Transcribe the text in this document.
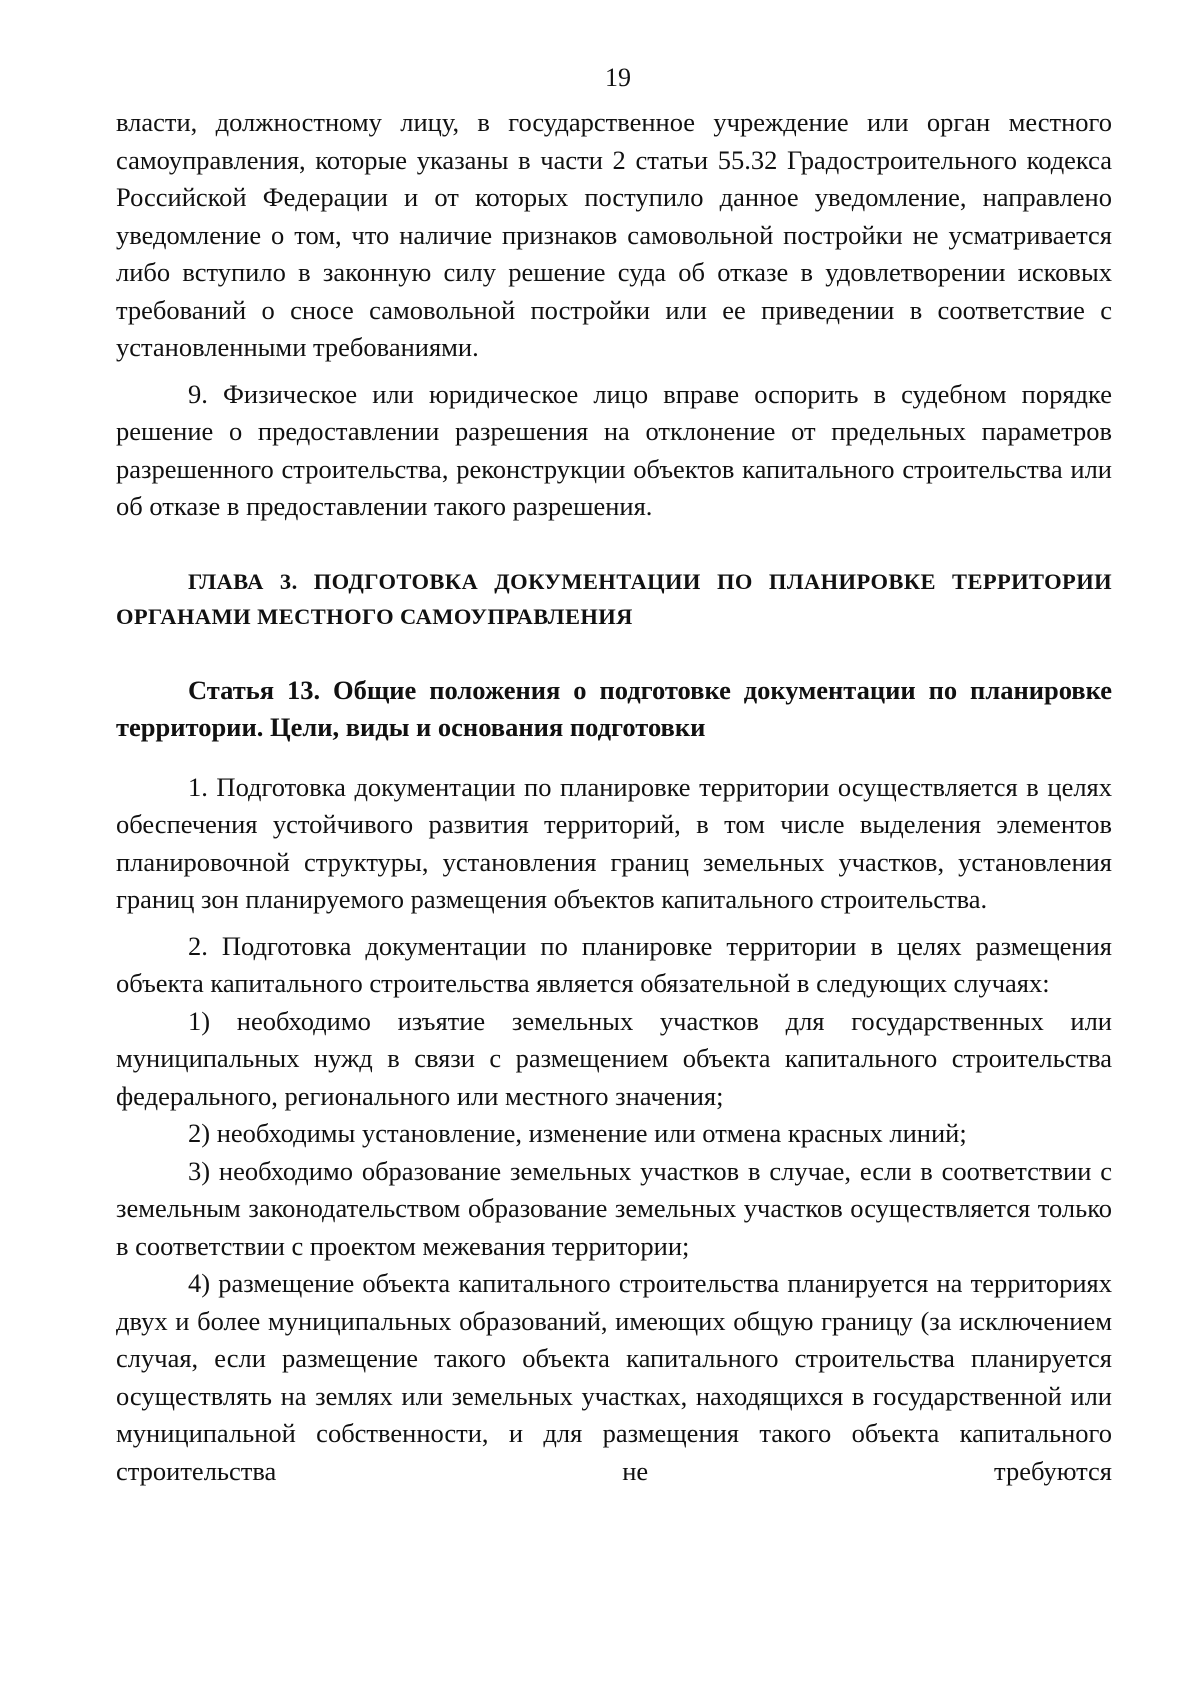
19

власти, должностному лицу, в государственное учреждение или орган местного самоуправления, которые указаны в части 2 статьи 55.32 Градостроительного кодекса Российской Федерации и от которых поступило данное уведомление, направлено уведомление о том, что наличие признаков самовольной постройки не усматривается либо вступило в законную силу решение суда об отказе в удовлетворении исковых требований о сносе самовольной постройки или ее приведении в соответствие с установленными требованиями.

9. Физическое или юридическое лицо вправе оспорить в судебном порядке решение о предоставлении разрешения на отклонение от предельных параметров разрешенного строительства, реконструкции объектов капитального строительства или об отказе в предоставлении такого разрешения.

ГЛАВА 3. ПОДГОТОВКА ДОКУМЕНТАЦИИ ПО ПЛАНИРОВКЕ ТЕРРИТОРИИ ОРГАНАМИ МЕСТНОГО САМОУПРАВЛЕНИЯ

Статья 13. Общие положения о подготовке документации по планировке территории. Цели, виды и основания подготовки

1. Подготовка документации по планировке территории осуществляется в целях обеспечения устойчивого развития территорий, в том числе выделения элементов планировочной структуры, установления границ земельных участков, установления границ зон планируемого размещения объектов капитального строительства.

2. Подготовка документации по планировке территории в целях размещения объекта капитального строительства является обязательной в следующих случаях:

1) необходимо изъятие земельных участков для государственных или муниципальных нужд в связи с размещением объекта капитального строительства федерального, регионального или местного значения;

2) необходимы установление, изменение или отмена красных линий;

3) необходимо образование земельных участков в случае, если в соответствии с земельным законодательством образование земельных участков осуществляется только в соответствии с проектом межевания территории;

4) размещение объекта капитального строительства планируется на территориях двух и более муниципальных образований, имеющих общую границу (за исключением случая, если размещение такого объекта капитального строительства планируется осуществлять на землях или земельных участках, находящихся в государственной или муниципальной собственности, и для размещения такого объекта капитального строительства не требуются
